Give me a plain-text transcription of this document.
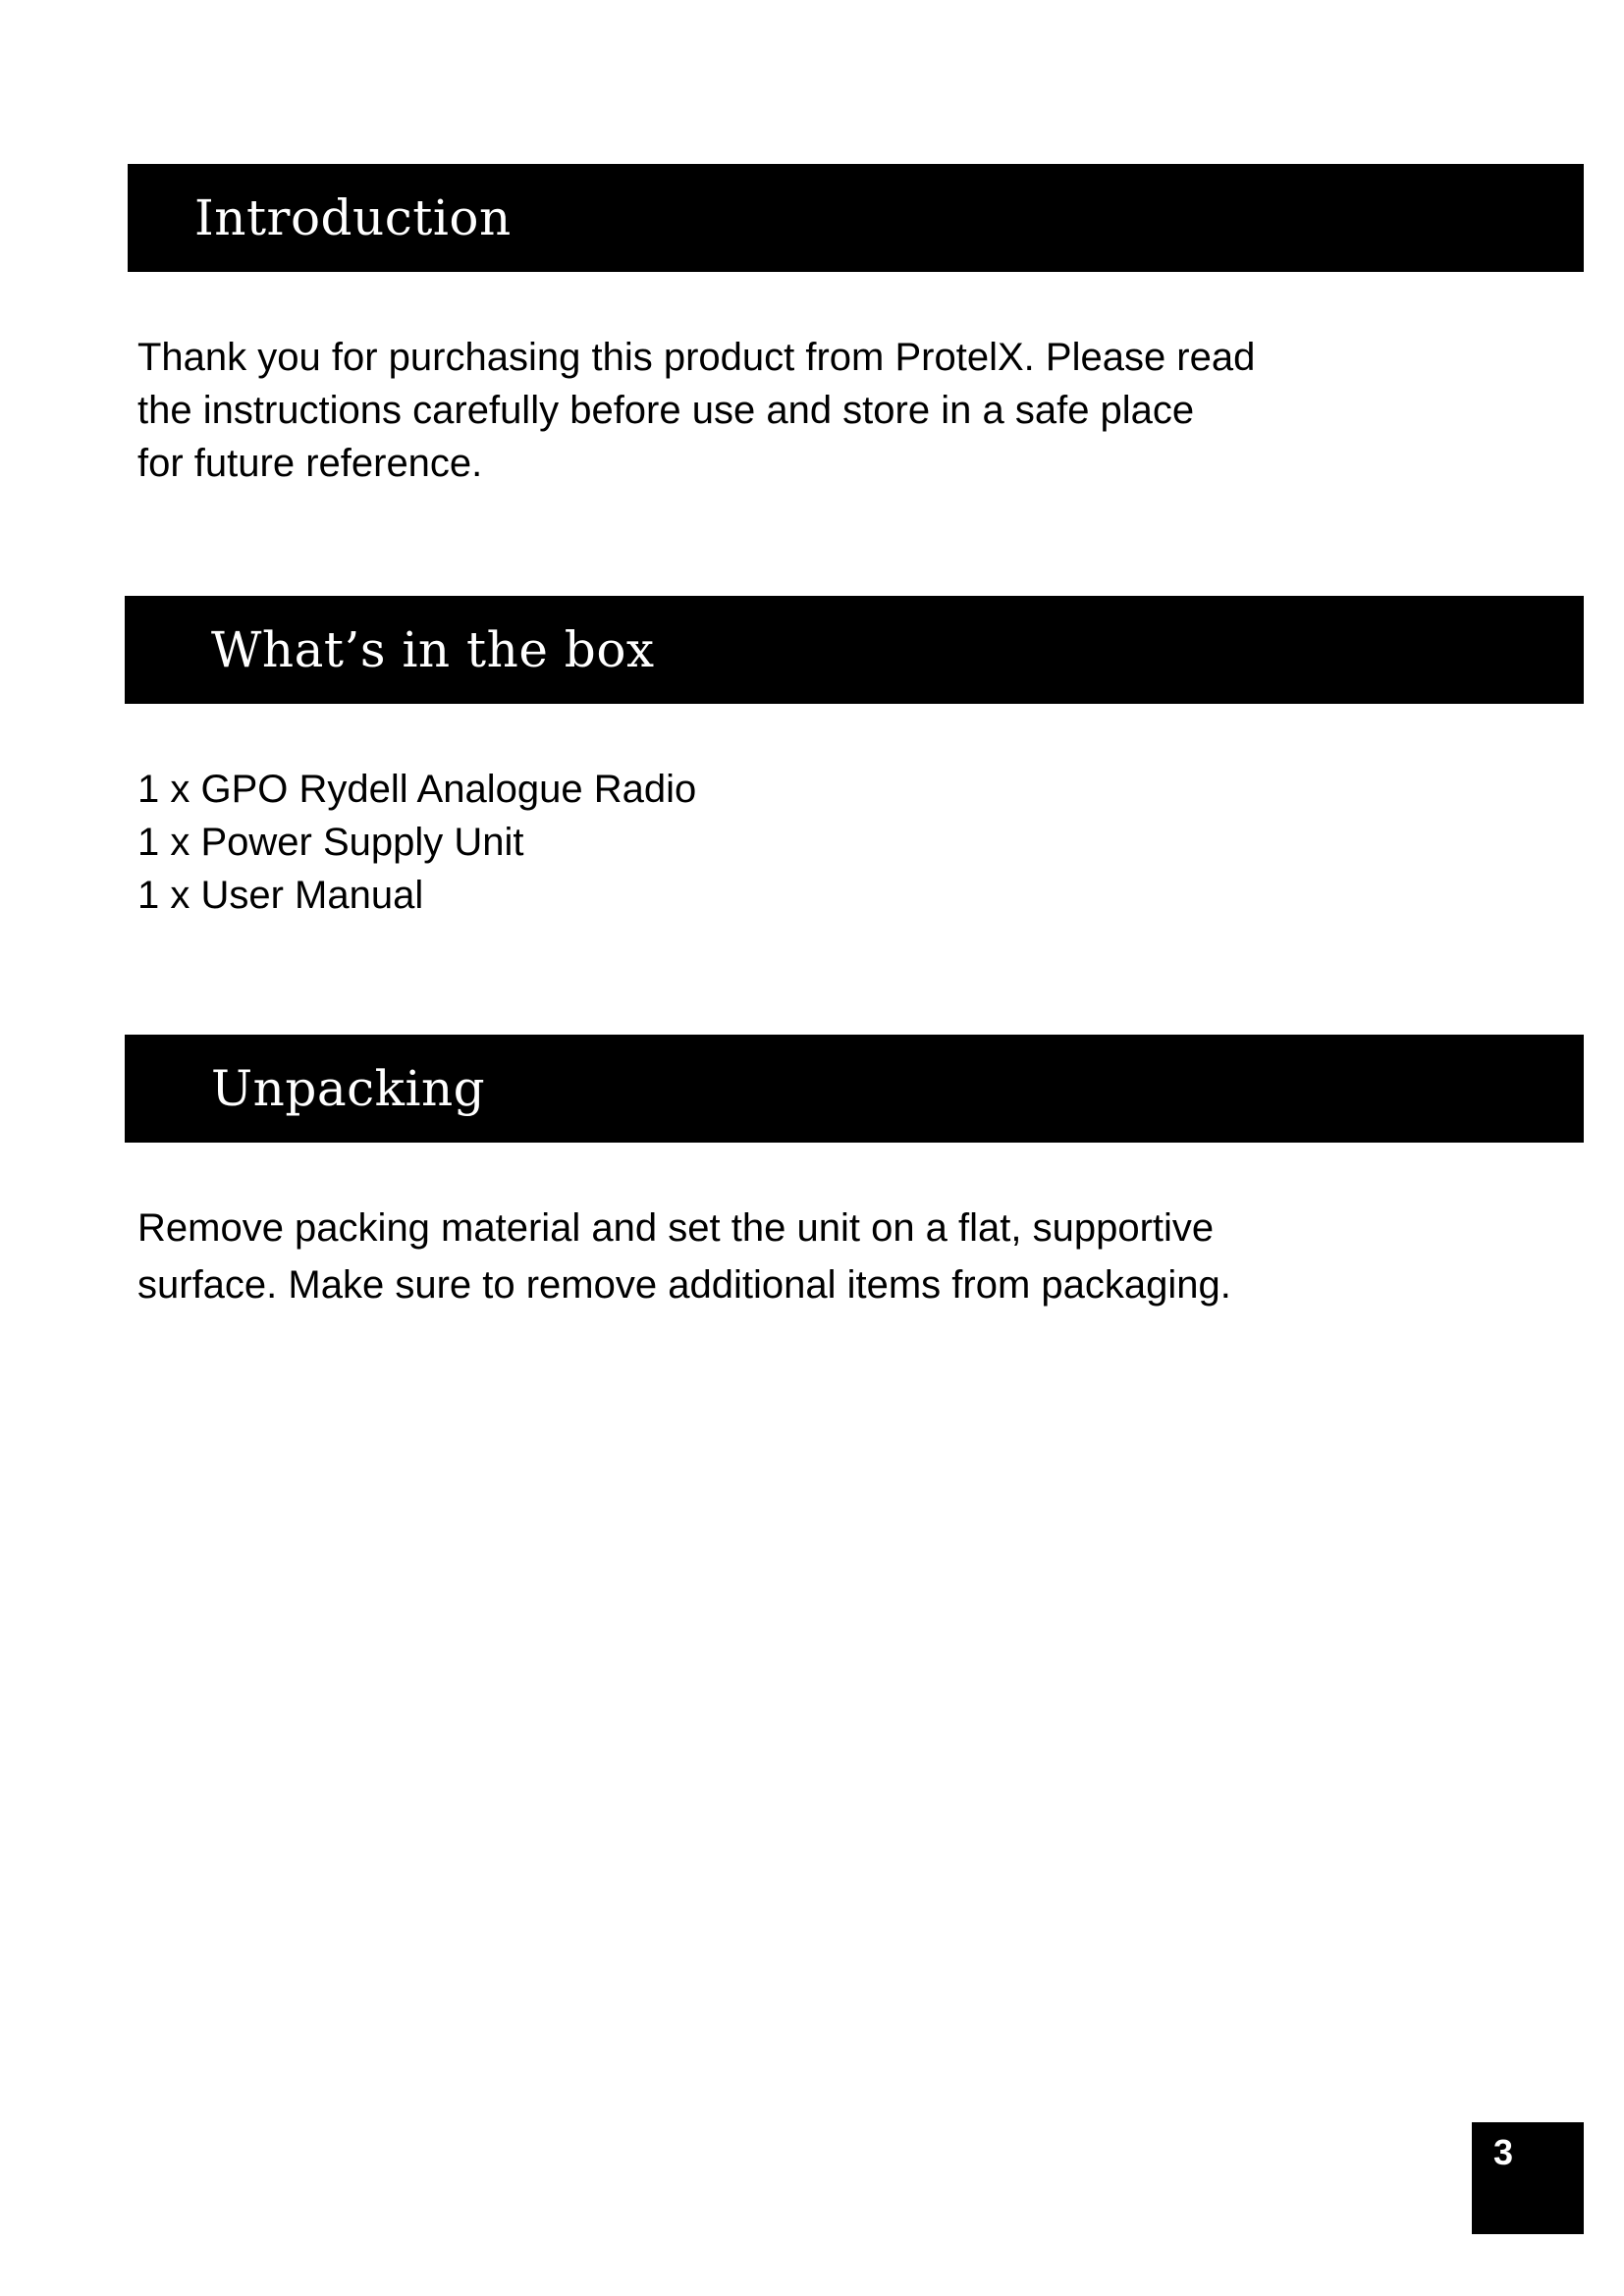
Introduction

Thank you for purchasing this product from ProtelX. Please read
the instructions carefully before use and store in a safe place
for future reference.

What’s in the box
1 x GPO Rydell Analogue Radio
1 x Power Supply Unit
1 x User Manual
Unpacking

Remove packing material and set the unit on a flat, supportive
surface. Make sure to remove additional items from packaging.

3
